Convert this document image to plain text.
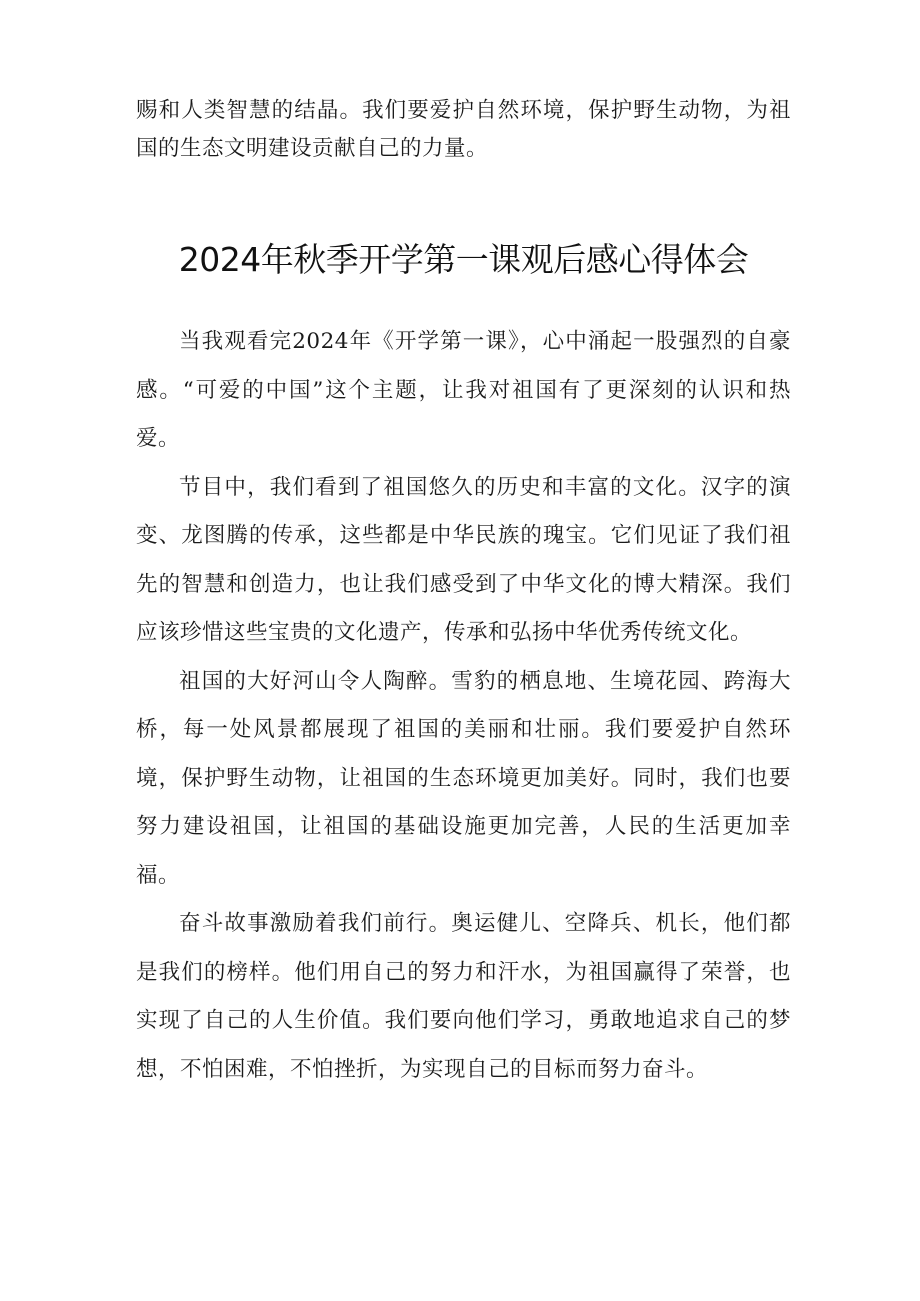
赐和人类智慧的结晶。我们要爱护自然环境，保护野生动物，为祖国的生态文明建设贡献自己的力量。

2024年秋季开学第一课观后感心得体会

当我观看完2024年《开学第一课》，心中涌起一股强烈的自豪感。“可爱的中国”这个主题，让我对祖国有了更深刻的认识和热爱。

节目中，我们看到了祖国悠久的历史和丰富的文化。汉字的演变、龙图腾的传承，这些都是中华民族的瑰宝。它们见证了我们祖先的智慧和创造力，也让我们感受到了中华文化的博大精深。我们应该珍惜这些宝贵的文化遗产，传承和弘扬中华优秀传统文化。

祖国的大好河山令人陶醉。雪豹的栖息地、生境花园、跨海大桥，每一处风景都展现了祖国的美丽和壮丽。我们要爱护自然环境，保护野生动物，让祖国的生态环境更加美好。同时，我们也要努力建设祖国，让祖国的基础设施更加完善，人民的生活更加幸福。

奋斗故事激励着我们前行。奥运健儿、空降兵、机长，他们都是我们的榜样。他们用自己的努力和汗水，为祖国赢得了荣誉，也实现了自己的人生价值。我们要向他们学习，勇敢地追求自己的梦想，不怕困难，不怕挫折，为实现自己的目标而努力奋斗。
